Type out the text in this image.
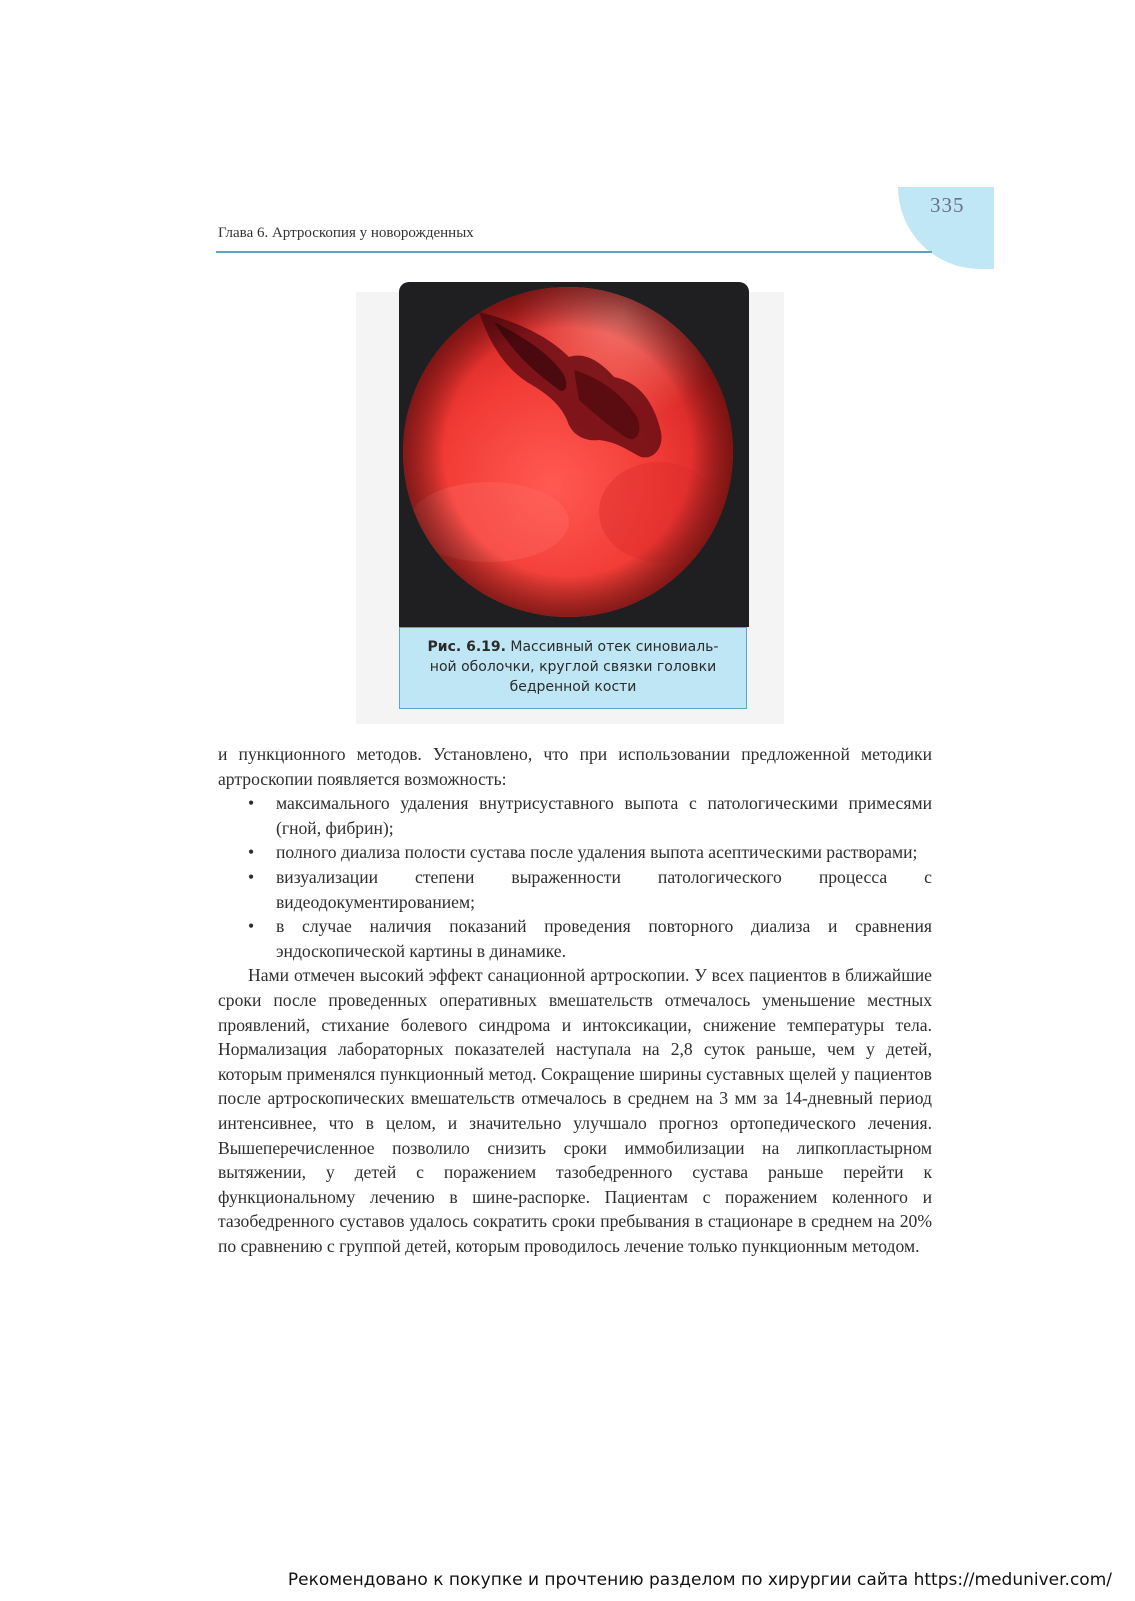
335
Глава 6. Артроскопия у новорожденных
Рис. 6.19. Массивный отек синовиаль-
ной оболочки, круглой связки головки
бедренной кости

и пункционного методов. Установлено, что при использовании предложенной методики артроскопии появляется возможность:

• максимального удаления внутрисуставного выпота с патологическими примесями (гной, фибрин);
• полного диализа полости сустава после удаления выпота асептическими растворами;
• визуализации степени выраженности патологического процесса с видеодокументированием;
• в случае наличия показаний проведения повторного диализа и сравнения эндоскопической картины в динамике.

Нами отмечен высокий эффект санационной артроскопии. У всех пациентов в ближайшие сроки после проведенных оперативных вмешательств отмечалось уменьшение местных проявлений, стихание болевого синдрома и интоксикации, снижение температуры тела. Нормализация лабораторных показателей наступала на 2,8 суток раньше, чем у детей, которым применялся пункционный метод. Сокращение ширины суставных щелей у пациентов после артроскопических вмешательств отмечалось в среднем на 3 мм за 14-дневный период интенсивнее, что в целом, и значительно улучшало прогноз ортопедического лечения. Вышеперечисленное позволило снизить сроки иммобилизации на липкопластырном вытяжении, у детей с поражением тазобедренного сустава раньше перейти к функциональному лечению в шине-распорке. Пациентам с поражением коленного и тазобедренного суставов удалось сократить сроки пребывания в стационаре в среднем на 20% по сравнению с группой детей, которым проводилось лечение только пункционным методом.

Рекомендовано к покупке и прочтению разделом по хирургии сайта https://meduniver.com/
